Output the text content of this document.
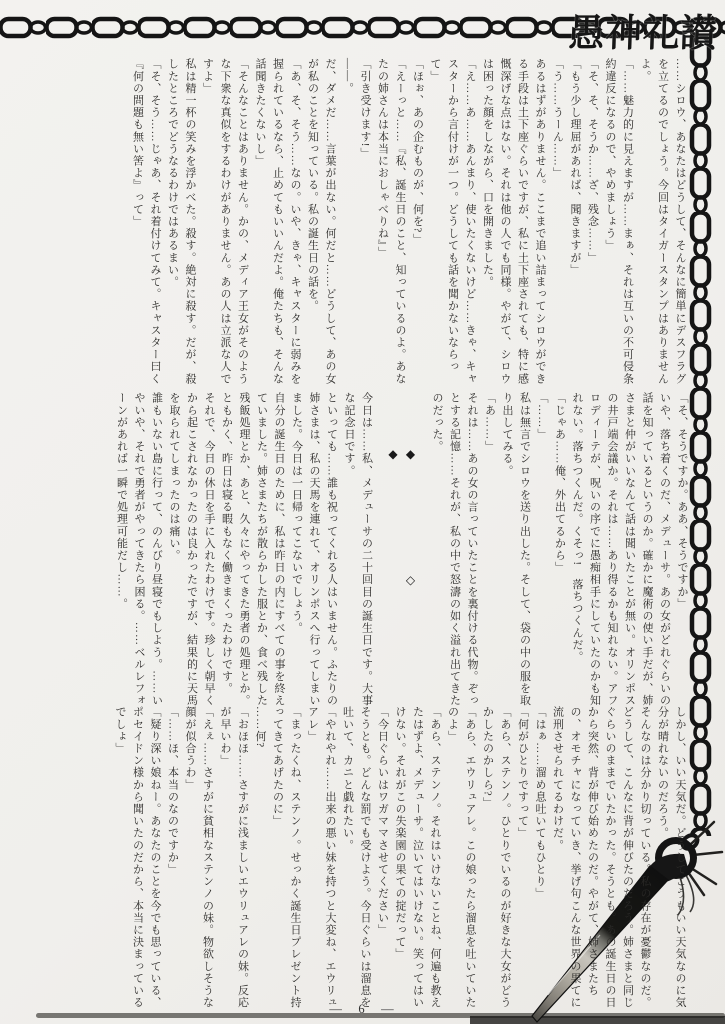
愚神礼讃

……シロウ、あなたはどうして、そんなに簡単にデスフラグを立てるのでしょう。今回はタイガースタンプはありませんよ。

「……魅力的に見えますが……まぁ、それは互いの不可侵条約違反になるので、やめましょう」

「そ、そ、そうか……ざ、残念……」

「もう少し理屈があれば、聞きますが」

「う……うーん……」

あるはずがありません。ここまで追い詰まってシロウができる手段は土下座ぐらいですが、私に土下座されても、特に感慨深げな点はない。それは他の人でも同様。やがて、シロウは困った顔をしながら、口を開きました。

「え……あ……あんまり、使いたくないけど……きゃ、キャスターから言付けが一つ。どうしても話を聞かないならって」

「ほぉ、あの企むものが、何を?」

「えーっと……『私、誕生日のこと、知っているのよ。あなたの姉さんは本当におしゃべりね』」

「引き受けます!」

――。

だ、ダメだ……言葉が出ない。何だと……どうして、あの女が私のことを知っている。私の誕生日の話を。

「あ、そ、そう……なの。いや、きゃ、キャスターに弱みを握られているなら、止めてもいいんだよ。俺たちも、そんな話聞きたくないし」

「そんなことはありません。かの、メディア王女がそのような下衆な真似をするわけがありません。あの人は立派な人ですよ」

私は精一杯の笑みを浮かべた。殺す。絶対に殺す。だが、殺したところでどうなるわけではあるまい。

「そ、そう……じゃあ、それ着付けてみて。キャスター曰く『何の問題も無い筈よ』って」

「そ、そうですか。ああ、そうですか」

いや、落ち着くのだ、メデューサ。あの女がどれぐらいの話を知っているというのか。確かに魔術の使い手だが、姉さまと仲がいいなんて話は聞いたことが無い。オリンポスの井戸端会議か。それは……あり得るかも知れない。アフロディーテが、呪いの序でに愚痴相手にしていたのかも知れない。落ちつくんだ。くそっ!　落ちつくんだ。

「じゃあ……俺、外出てるから」

「……」

私は無言でシロウを送り出した。そして、袋の中の服を取り出してみる。

「あ……」

それは……あの女の言っていたことを裏付ける代物。ぞっとする記憶……それが、私の中で怒濤の如く溢れ出てきたのだった。

◆　◇　◆

今日は……私、メデューサの二十回目の誕生日です。大事な記念日です。

といっても……誰も祝ってくれる人はいません。ふたりの姉さまは、私の天馬を連れて、オリンポスへ行ってしまいました。今日は一日帰ってこないでしょう。

自分の誕生日のために、私は昨日の内にすべての事を終えていました。姉さまたちが散らかした服とか、食べ残した残飯処理とか、あと、久々にやってきた勇者の処理とか。ともかく、昨日は寝る暇もなく働きまくったわけです。

それで、今日の休日を手に入れたわけです。珍しく朝早くから起こされなかったのは良かったですが、結果的に天馬を取られてしまったのは痛い。

誰もいない島に行って、のんびり昼寝でもしよう。……いやいや、それで勇者がやってきたら困る。……ベルレフォーンがあれば一瞬で処理可能だし……。

しかし、いい天気だ。どうしてこうもいい天気なのに気分が晴れないのだろう。

そんなのは分かり切っている。私の存在が憂鬱なのだ。どうして、こんなに背が伸びたのだろう。姉さまと同じぐらいのままでいたかった。そうとも。あの誕生日の日から突然、背が伸び始めたのだ。やがて、姉さまたちの、オモチャになっていき、挙げ句こんな世界の果てに流刑させられてるわけだ。

「はぁ……溜め息吐いてもひとり」

「何がひとりですって」

「あら、ステンノ。ひとりでいるのが好きな大女がどうかしたのかしら?」

「あら、エウリュアレ。この娘ったら溜息を吐いていたのよ」

「あら、ステンノ。それはいけないことね、何遍も教えたはずよ、メデューサ。泣いてはいけない。笑ってはいけない。それがこの失楽園の果ての掟だって」

「今日ぐらいはワガママさせてください」

そうとも。どんな罰でも受けよう。今日ぐらいは溜息を吐いて、カニと戯れたい。

「やれやれ……出来の悪い妹を持つと大変ね、エウリュアレ」

「まったくね、ステンノ。せっかく誕生日プレゼント持ってきてあげたのに」

……何?

「おほほ……さすがに浅ましいエウリュアレの妹。反応が早いわ」

「えぇ……さすがに貧相なステンノの妹。物欲しそうな顔が似合うわ」

「……ほ、本当のなのですか」

「疑り深い娘ねー。あなたのことを今でも思っている、ポセイドン様から聞いたのだから、本当に決まっているでしょ」

—　6　—
